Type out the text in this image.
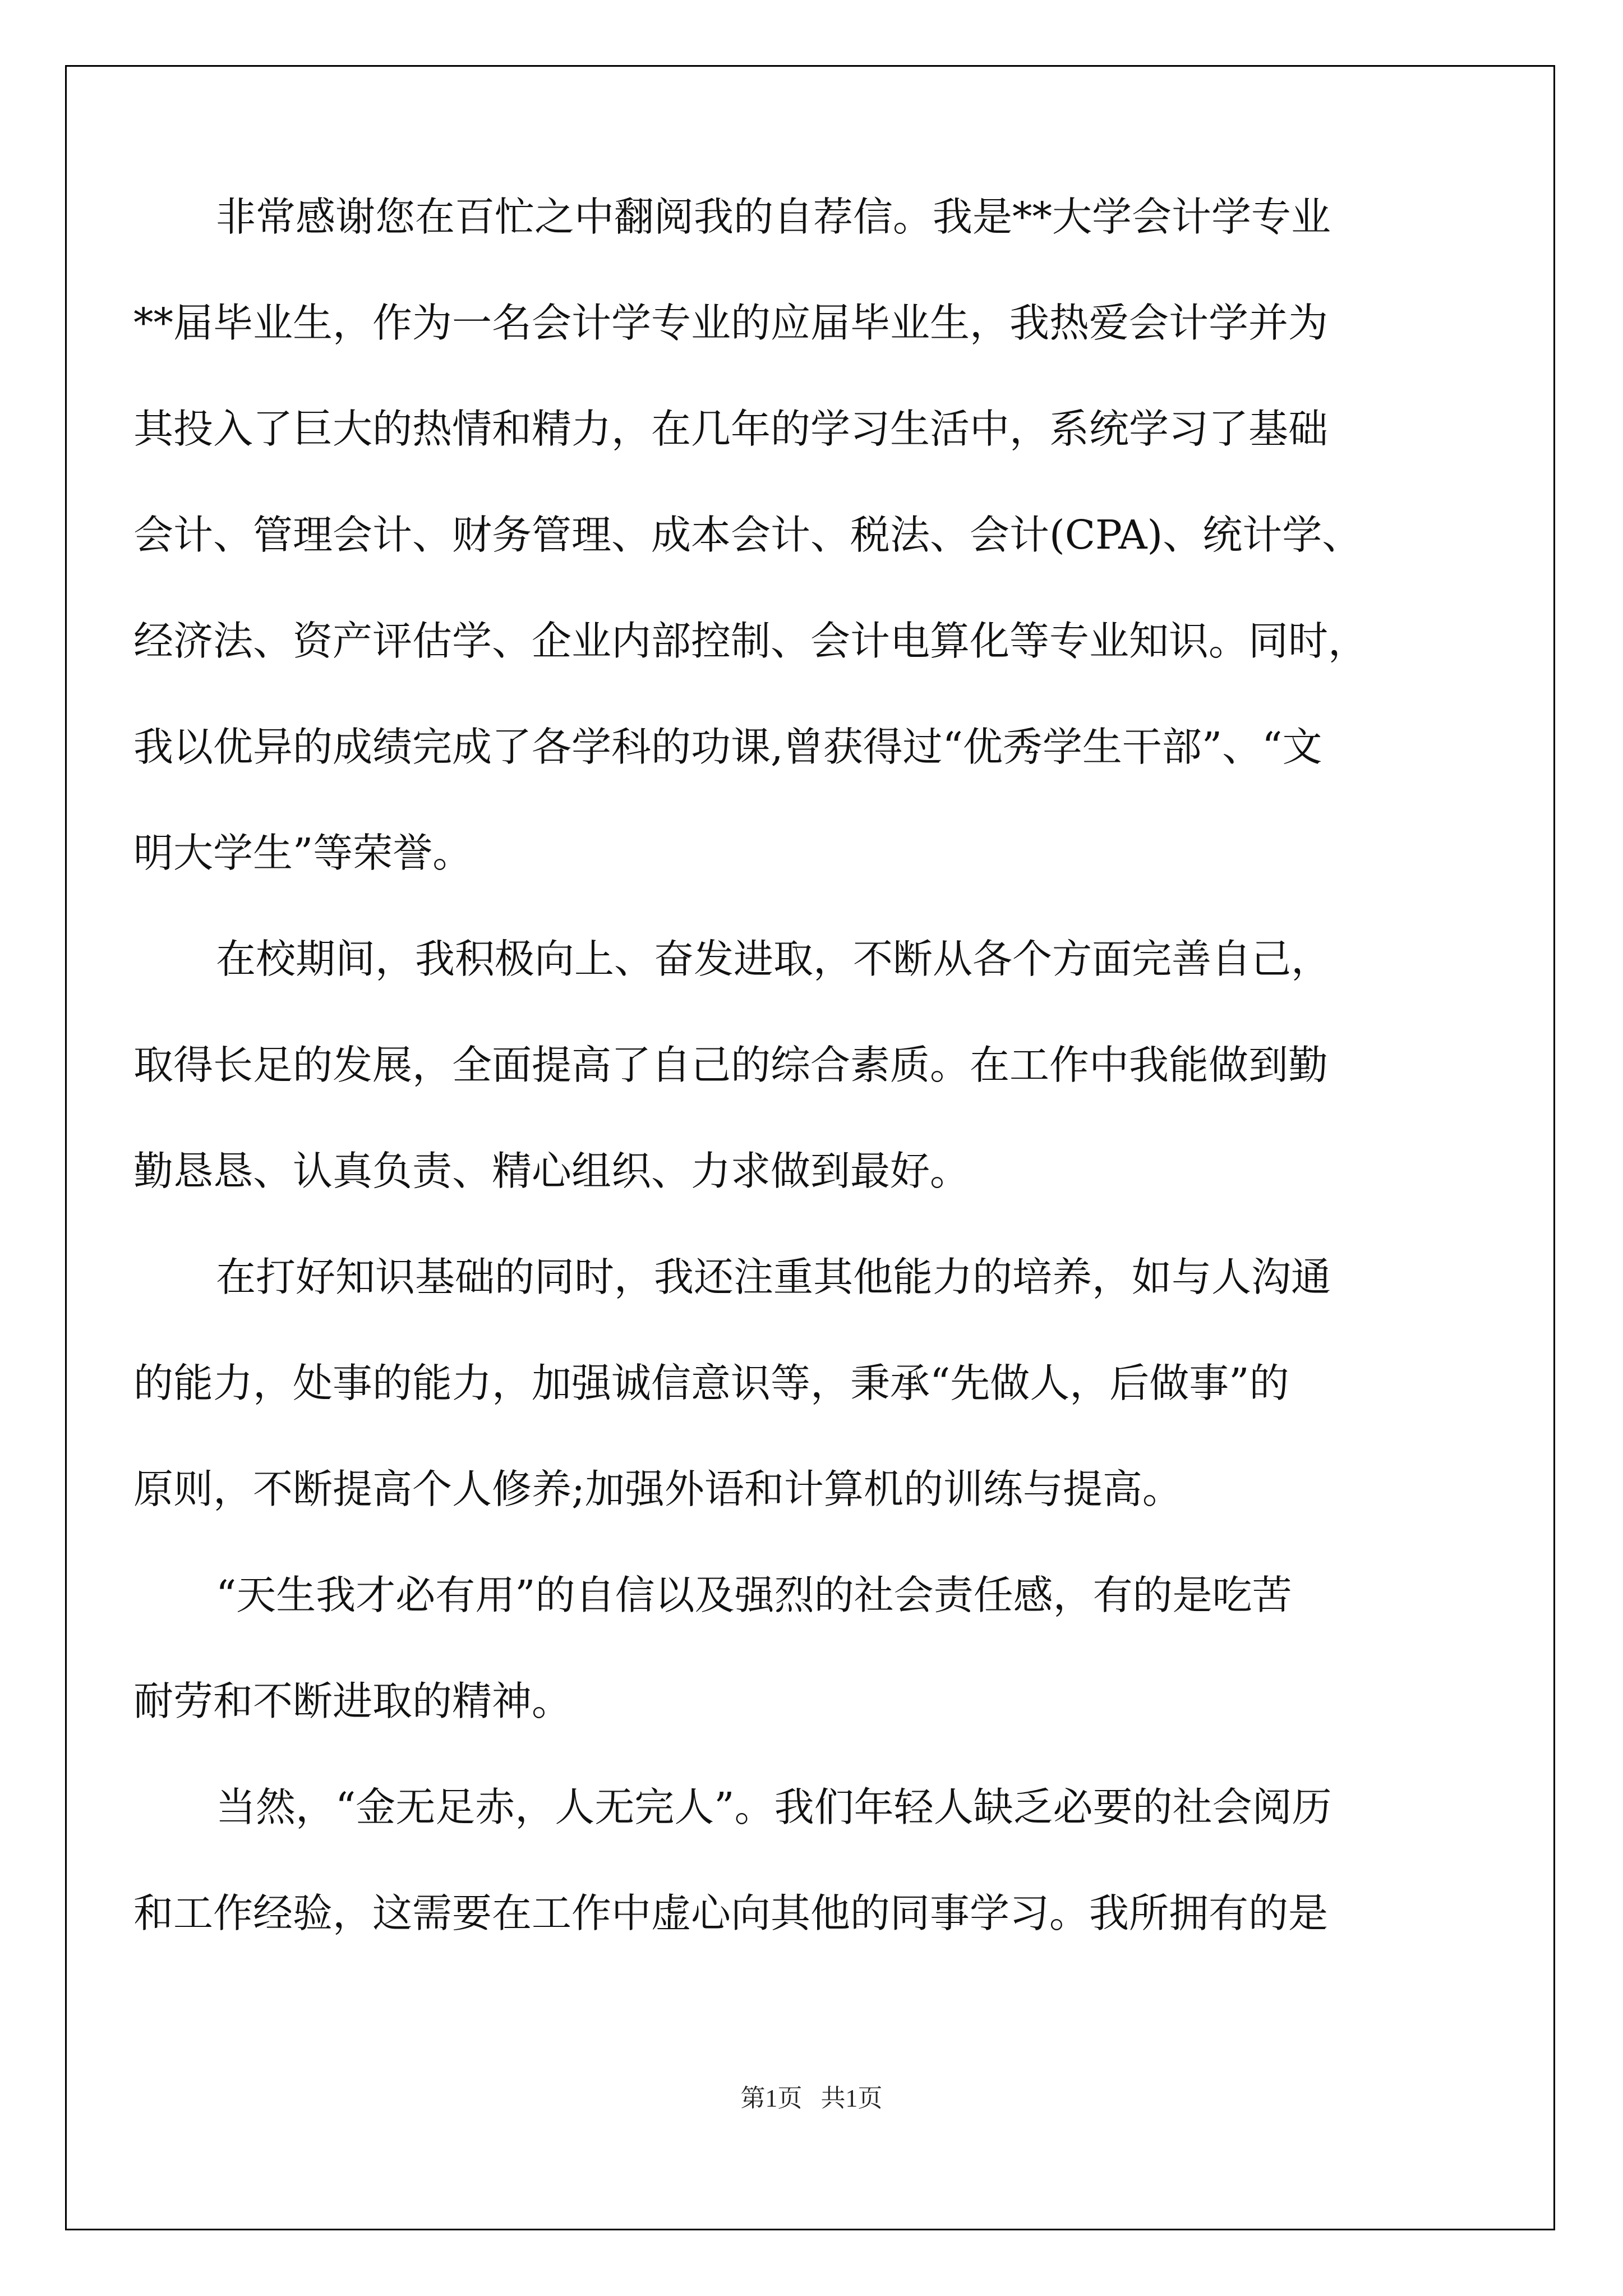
非常感谢您在百忙之中翻阅我的自荐信。我是**大学会计学专业
**届毕业生，作为一名会计学专业的应届毕业生，我热爱会计学并为
其投入了巨大的热情和精力，在几年的学习生活中，系统学习了基础
会计、管理会计、财务管理、成本会计、税法、会计(CPA)、统计学、
经济法、资产评估学、企业内部控制、会计电算化等专业知识。同时，
我以优异的成绩完成了各学科的功课,曾获得过“优秀学生干部”、“文
明大学生”等荣誉。
在校期间，我积极向上、奋发进取，不断从各个方面完善自己，
取得长足的发展，全面提高了自己的综合素质。在工作中我能做到勤
勤恳恳、认真负责、精心组织、力求做到最好。
在打好知识基础的同时，我还注重其他能力的培养，如与人沟通
的能力，处事的能力，加强诚信意识等，秉承“先做人，后做事”的
原则，不断提高个人修养;加强外语和计算机的训练与提高。
“天生我才必有用”的自信以及强烈的社会责任感，有的是吃苦
耐劳和不断进取的精神。
当然，“金无足赤，人无完人”。我们年轻人缺乏必要的社会阅历
和工作经验，这需要在工作中虚心向其他的同事学习。我所拥有的是
第1页   共1页
